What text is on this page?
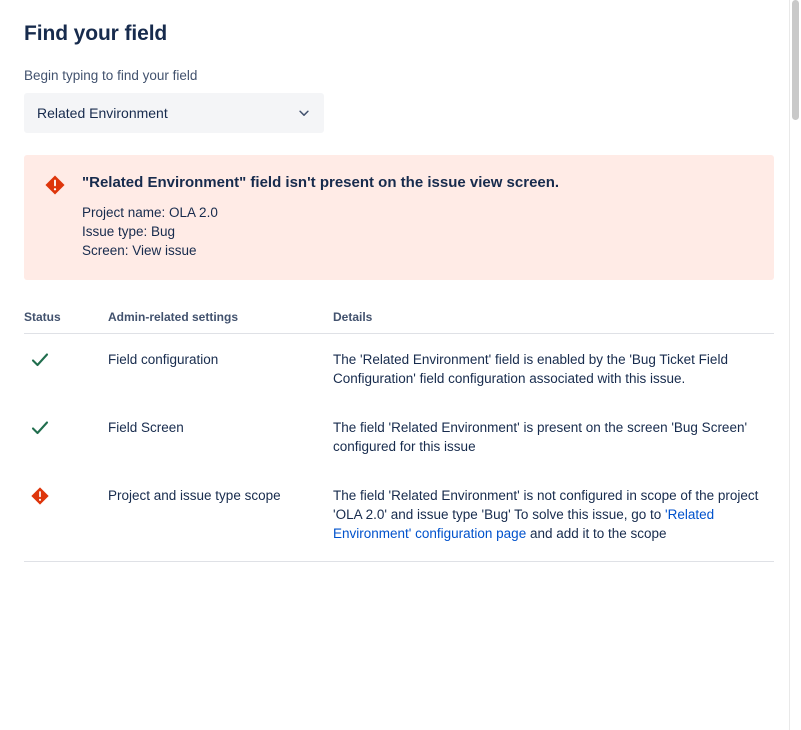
Find your field
Begin typing to find your field
Related Environment
"Related Environment" field isn't present on the issue view screen.
Project name: OLA 2.0
Issue type: Bug
Screen: View issue
Status	Admin-related settings	Details

	Field configuration	The 'Related Environment' field is enabled by the 'Bug Ticket Field Configuration' field configuration associated with this issue.

	Field Screen	The field 'Related Environment' is present on the screen 'Bug Screen' configured for this issue

	Project and issue type scope	The field 'Related Environment' is not configured in scope of the project 'OLA 2.0' and issue type 'Bug' To solve this issue, go to 'Related Environment' configuration page and add it to the scope
